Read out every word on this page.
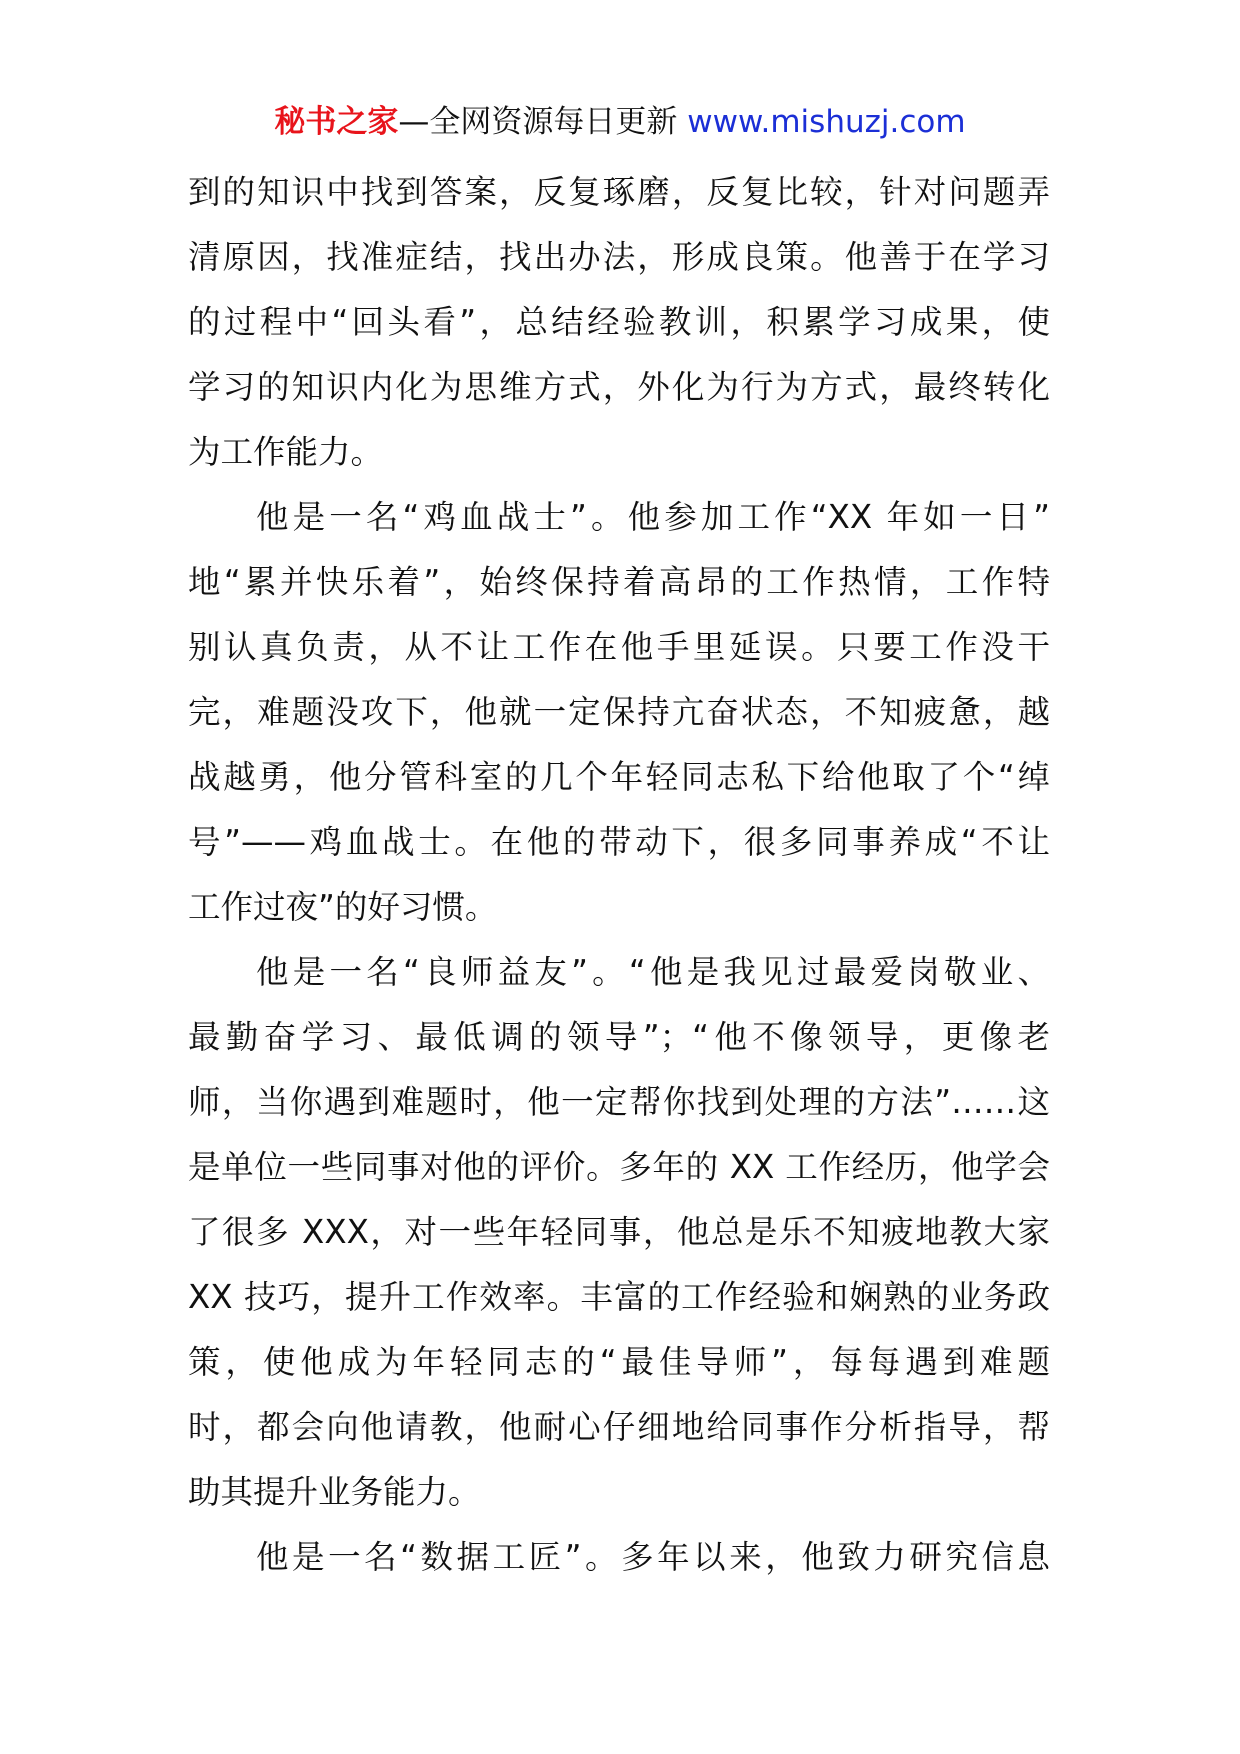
秘书之家—全网资源每日更新 www.mishuzj.com
到的知识中找到答案，反复琢磨，反复比较，针对问题弄
清原因，找准症结，找出办法，形成良策。他善于在学习
的过程中“回头看”，总结经验教训，积累学习成果，使
学习的知识内化为思维方式，外化为行为方式，最终转化
为工作能力。
他是一名“鸡血战士”。他参加工作“XX 年如一日”
地“累并快乐着”，始终保持着高昂的工作热情，工作特
别认真负责，从不让工作在他手里延误。只要工作没干
完，难题没攻下，他就一定保持亢奋状态，不知疲惫，越
战越勇，他分管科室的几个年轻同志私下给他取了个“绰
号”——鸡血战士。在他的带动下，很多同事养成“不让
工作过夜”的好习惯。
他是一名“良师益友”。“他是我见过最爱岗敬业、
最勤奋学习、最低调的领导”；“他不像领导，更像老
师，当你遇到难题时，他一定帮你找到处理的方法”……这
是单位一些同事对他的评价。多年的 XX 工作经历，他学会
了很多 XXX，对一些年轻同事，他总是乐不知疲地教大家
XX 技巧，提升工作效率。丰富的工作经验和娴熟的业务政
策，使他成为年轻同志的“最佳导师”，每每遇到难题
时，都会向他请教，他耐心仔细地给同事作分析指导，帮
助其提升业务能力。
他是一名“数据工匠”。多年以来，他致力研究信息
